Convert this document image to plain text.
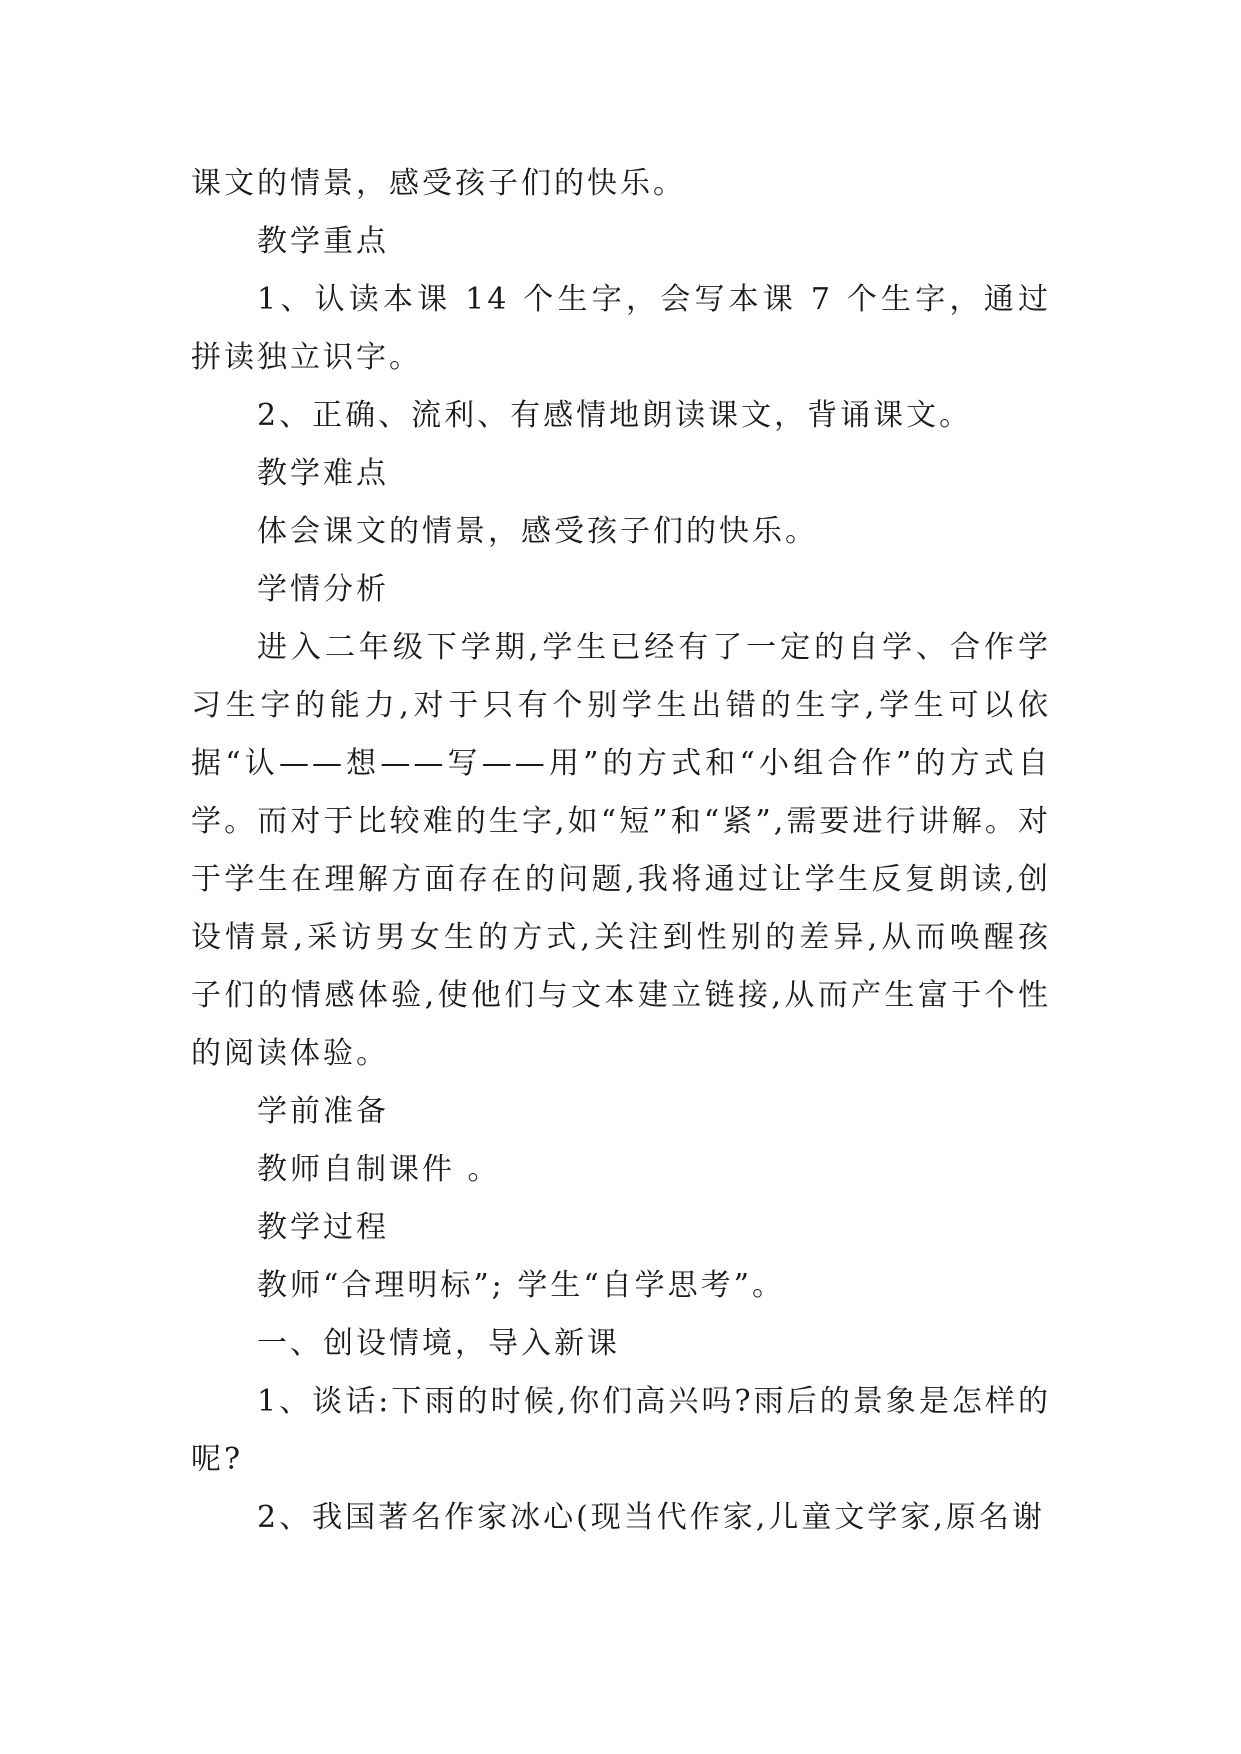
课文的情景，感受孩子们的快乐。

教学重点

1、认读本课 14 个生字，会写本课 7 个生字，通过拼读独立识字。

2、正确、流利、有感情地朗读课文，背诵课文。

教学难点

体会课文的情景，感受孩子们的快乐。

学情分析

进入二年级下学期,学生已经有了一定的自学、合作学习生字的能力,对于只有个别学生出错的生字,学生可以依据“认——想——写——用”的方式和“小组合作”的方式自学。而对于比较难的生字,如“短”和“紧”,需要进行讲解。对于学生在理解方面存在的问题,我将通过让学生反复朗读,创设情景,采访男女生的方式,关注到性别的差异,从而唤醒孩子们的情感体验,使他们与文本建立链接,从而产生富于个性的阅读体验。

学前准备

教师自制课件 。

教学过程

教师“合理明标”; 学生“自学思考”。

一、创设情境，导入新课

1、谈话:下雨的时候,你们高兴吗?雨后的景象是怎样的呢?

2、我国著名作家冰心(现当代作家,儿童文学家,原名谢
